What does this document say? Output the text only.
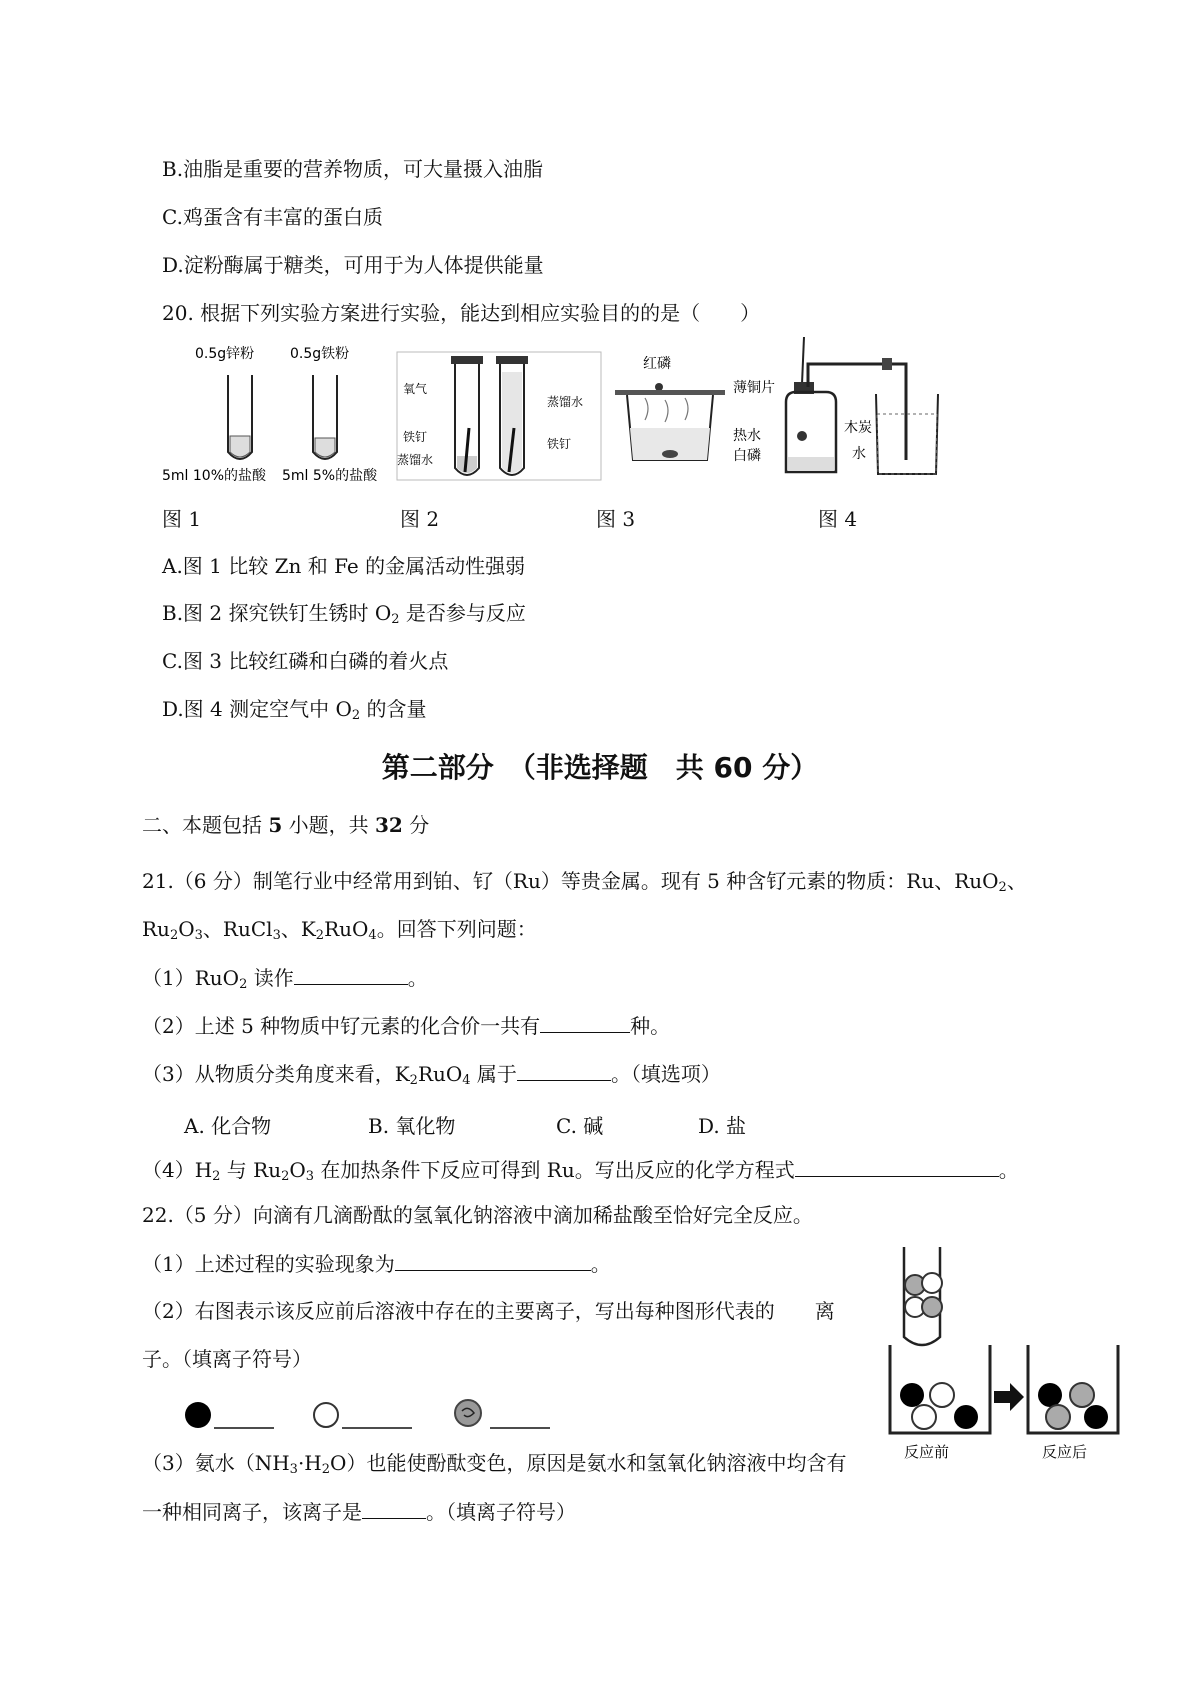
B.油脂是重要的营养物质，可大量摄入油脂
C.鸡蛋含有丰富的蛋白质
D.淀粉酶属于糖类，可用于为人体提供能量
20. 根据下列实验方案进行实验，能达到相应实验目的的是（　　）
0.5g锌粉	0.5g铁粉
5ml 10%的盐酸 5ml 5%的盐酸
氧气
铁钉
蒸馏水
蒸馏水
铁钉
红磷
薄铜片
热水
白磷
木炭
水
图 1	图 2	图 3	图 4
A.图 1 比较 Zn 和 Fe 的金属活动性强弱
B.图 2 探究铁钉生锈时 $O_2$ 是否参与反应
C.图 3 比较红磷和白磷的着火点
D.图 4 测定空气中 $O_2$ 的含量
第二部分　（非选择题　共 60 分）
二、本题包括 5 小题，共 32 分
21.（6 分）制笔行业中经常用到铂、钌（Ru）等贵金属。现有 5 种含钌元素的物质：Ru、RuO$_2$、
$Ru_2O_3$、RuCl$_3$、$K_2RuO_4$。回答下列问题：
（1）RuO$_2$ 读作	。
（2）上述 5 种物质中钌元素的化合价一共有	种。
（3）从物质分类角度来看，$K_2RuO_4$ 属于	。（填选项）
A. 化合物	B. 氧化物	C. 碱	D. 盐
$(4)H_2$ 与 $Ru_2O_3$ 在加热条件下反应可得到 Ru。写出反应的化学方程式	。
22.（5 分）向滴有几滴酚酞的氢氧化钠溶液中滴加稀盐酸至恰好完全反应。
（1）上述过程的实验现象为	。
（2）右图表示该反应前后溶液中存在的主要离子，写出每种图形代表的　　离
子。（填离子符号）
（3）氨水$(NH_3\cdot H_2O)$也能使酚酞变色，原因是氨水和氢氧化钠溶液中均含有
一种相同离子，该离子是	。（填离子符号）
反应前	反应后
